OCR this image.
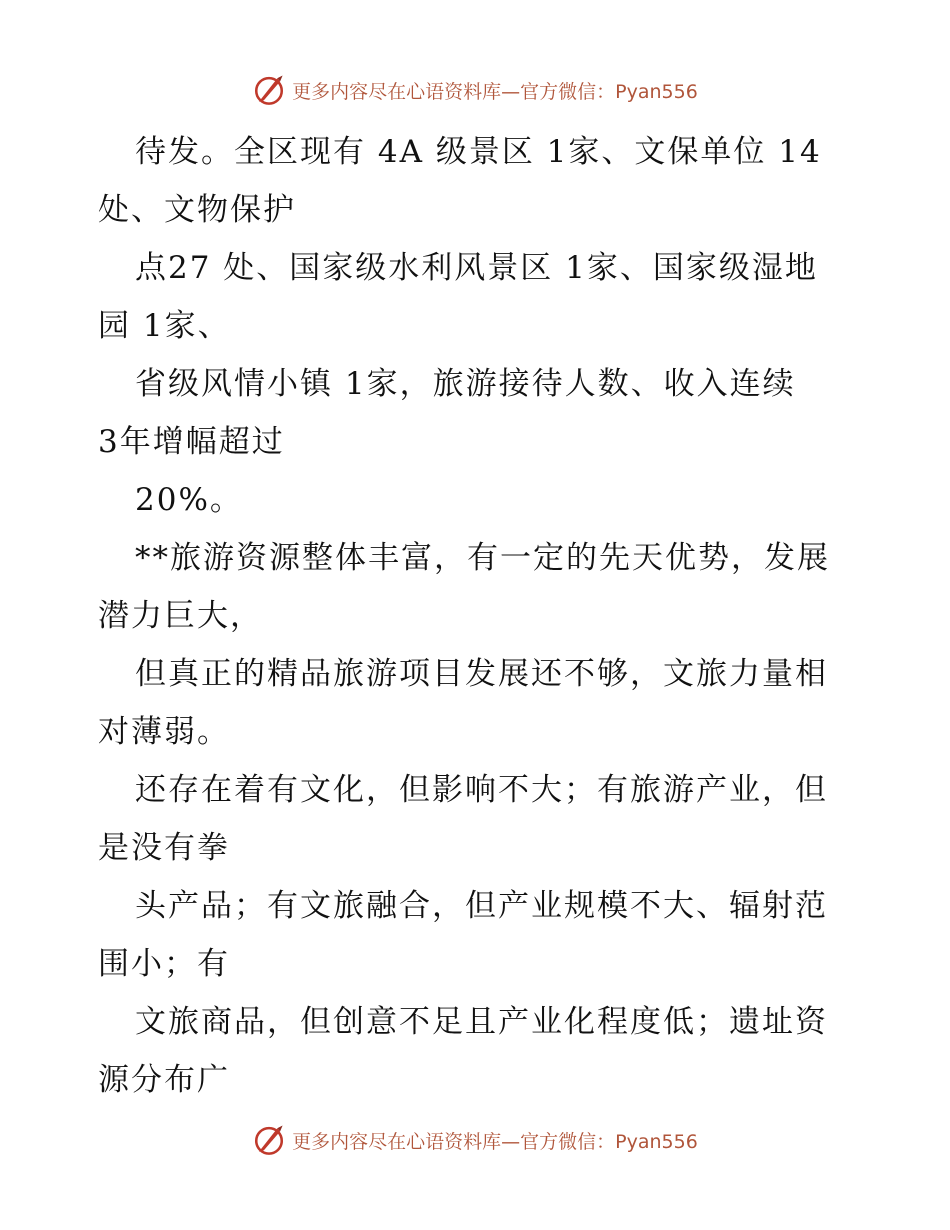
更多内容尽在心语资料库—官方微信：Pyan556
待发。全区现有 4A 级景区 1家、文保单位 14
处、文物保护
点27 处、国家级水利风景区 1家、国家级湿地
园 1家、
省级风情小镇 1家，旅游接待人数、收入连续
3年增幅超过
20%。
**旅游资源整体丰富，有一定的先天优势，发展
潜力巨大，
但真正的精品旅游项目发展还不够，文旅力量相
对薄弱。
还存在着有文化，但影响不大；有旅游产业，但
是没有拳
头产品；有文旅融合，但产业规模不大、辐射范
围小；有
文旅商品，但创意不足且产业化程度低；遗址资
源分布广
更多内容尽在心语资料库—官方微信：Pyan556
